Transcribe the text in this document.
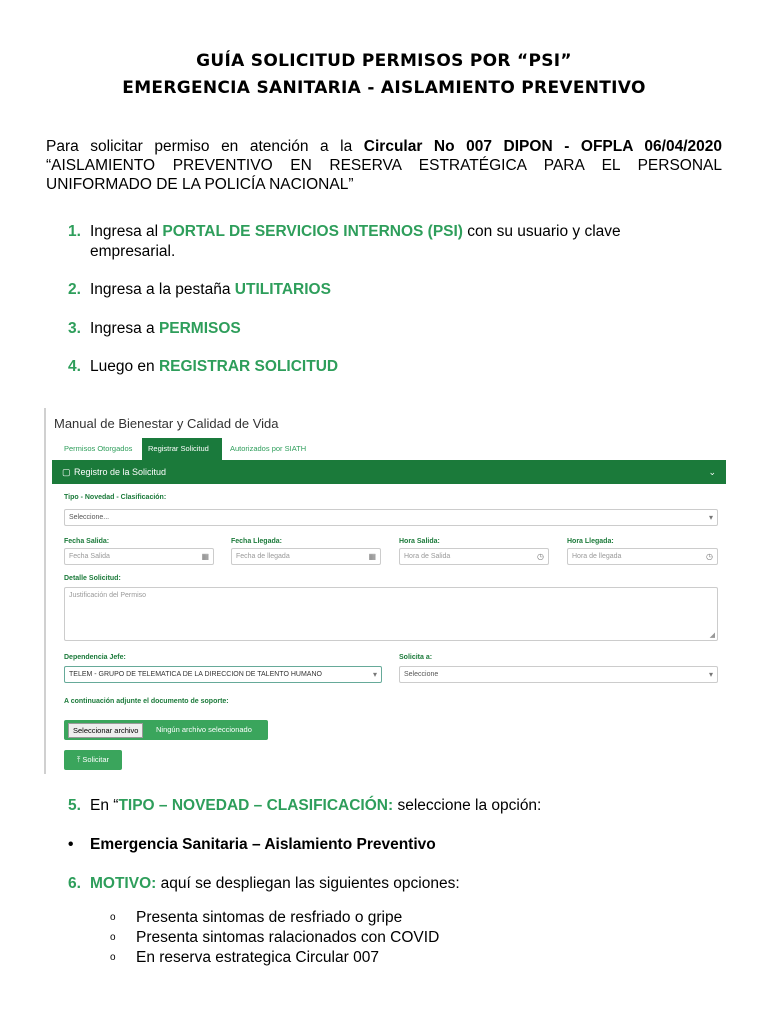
GUÍA SOLICITUD PERMISOS POR “PSI”
EMERGENCIA SANITARIA - AISLAMIENTO PREVENTIVO
Para solicitar permiso en atención a la Circular No 007 DIPON - OFPLA 06/04/2020 “AISLAMIENTO PREVENTIVO EN RESERVA ESTRATÉGICA PARA EL PERSONAL UNIFORMADO DE LA POLICÍA NACIONAL”
1. Ingresa al PORTAL DE SERVICIOS INTERNOS (PSI) con su usuario y clave
empresarial.
2. Ingresa a la pestaña UTILITARIOS
3. Ingresa a PERMISOS
4. Luego en REGISTRAR SOLICITUD
Manual de Bienestar y Calidad de Vida
Permisos Otorgados	Registrar Solicitud	Autorizados por SIATH
▢ Registro de la Solicitud	⌄
Tipo - Novedad - Clasificación:
Seleccione...	▾
Fecha Salida:
Fecha Salida	▦
Fecha Llegada:
Fecha de llegada	▦
Hora Salida:
Hora de Salida	◷
Hora Llegada:
Hora de llegada	◷
Detalle Solicitud:
Justificación del Permiso
◢
Dependencia Jefe:
TELEM - GRUPO DE TELEMATICA DE LA DIRECCION DE TALENTO HUMANO	▾
Solicita a:
Seleccione	▾
A continuación adjunte el documento de soporte:
Seleccionar archivo	Ningún archivo seleccionado
⤒ Solicitar
5. En “TIPO – NOVEDAD – CLASIFICACIÓN: seleccione la opción:
• Emergencia Sanitaria – Aislamiento Preventivo
6. MOTIVO: aquí se despliegan las siguientes opciones:
o Presenta sintomas de resfriado o gripe
o Presenta sintomas ralacionados con COVID
o En reserva estrategica Circular 007
